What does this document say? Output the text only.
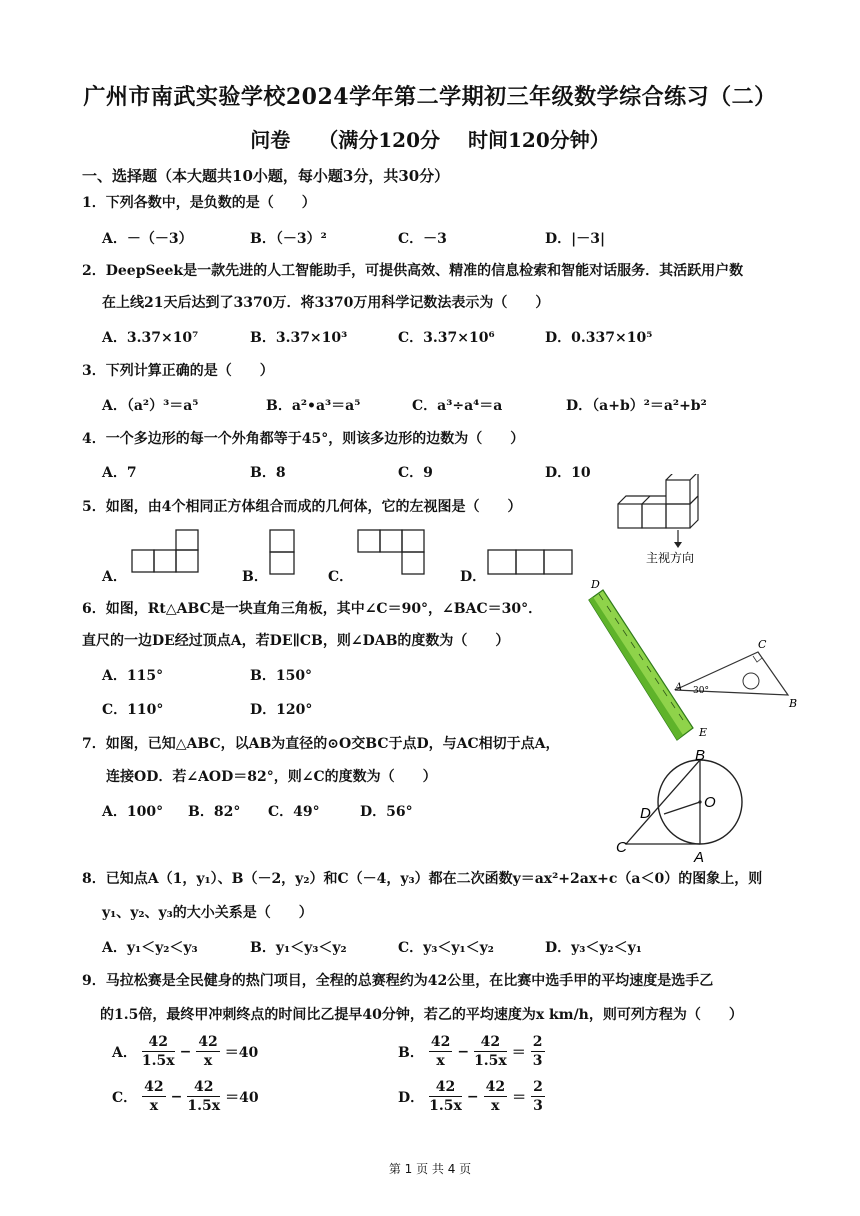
广州市南武实验学校2024学年第二学期初三年级数学综合练习（二）
问卷 （满分120分 时间120分钟）
一、选择题（本大题共10小题，每小题3分，共30分）
1．下列各数中，是负数的是（　　）
A．－（－3）	B．（－3）²	C．－3	D．|－3|
2．DeepSeek是一款先进的人工智能助手，可提供高效、精准的信息检索和智能对话服务．其活跃用户数
在上线21天后达到了3370万．将3370万用科学记数法表示为（　　）
A．3.37×10⁷	B．3.37×10³	C．3.37×10⁶	D．0.337×10⁵
3．下列计算正确的是（　　）
A．（a²）³＝a⁵	B．a²•a³＝a⁵	C．a³÷a⁴＝a	D．（a+b）²＝a²+b²
4．一个多边形的每一个外角都等于45°，则该多边形的边数为（　　）
A．7	B．8	C．9	D．10
5．如图，由4个相同正方体组合而成的几何体，它的左视图是（　　）
主视方向
A．	B．	C．	D．
6．如图，Rt△ABC是一块直角三角板，其中∠C＝90°，∠BAC＝30°．
直尺的一边DE经过顶点A，若DE∥CB，则∠DAB的度数为（　　）
A．115°	B．150°
C．110°	D．120°
D
C
A 30°
B
E
7．如图，已知△ABC，以AB为直径的⊙O交BC于点D，与AC相切于点A，
连接OD．若∠AOD＝82°，则∠C的度数为（　　）
A．100° B．82° C．49°	D．56°
B
O
D
C
A
8．已知点A（1，y₁）、B（－2，y₂）和C（－4，y₃）都在二次函数y＝ax²+2ax+c（a＜0）的图象上，则
y₁、y₂、y₃的大小关系是（　　）
A．y₁＜y₂＜y₃	B．y₁＜y₃＜y₂	C．y₃＜y₁＜y₂	D．y₃＜y₂＜y₁
9．马拉松赛是全民健身的热门项目，全程的总赛程约为42公里，在比赛中选手甲的平均速度是选手乙
的1.5倍，最终甲冲刺终点的时间比乙提早40分钟，若乙的平均速度为x km/h，则可列方程为（　　）
A． $\frac{42}{1.5x} - \frac{42}{x} =40$	B． $\frac{42}{x} - \frac{42}{1.5x} = \frac{2}{3}$
C． $\frac{42}{x} - \frac{42}{1.5x} =40$	D． $\frac{42}{1.5x} - \frac{42}{x} = \frac{2}{3}$
第 1 页 共 4 页
